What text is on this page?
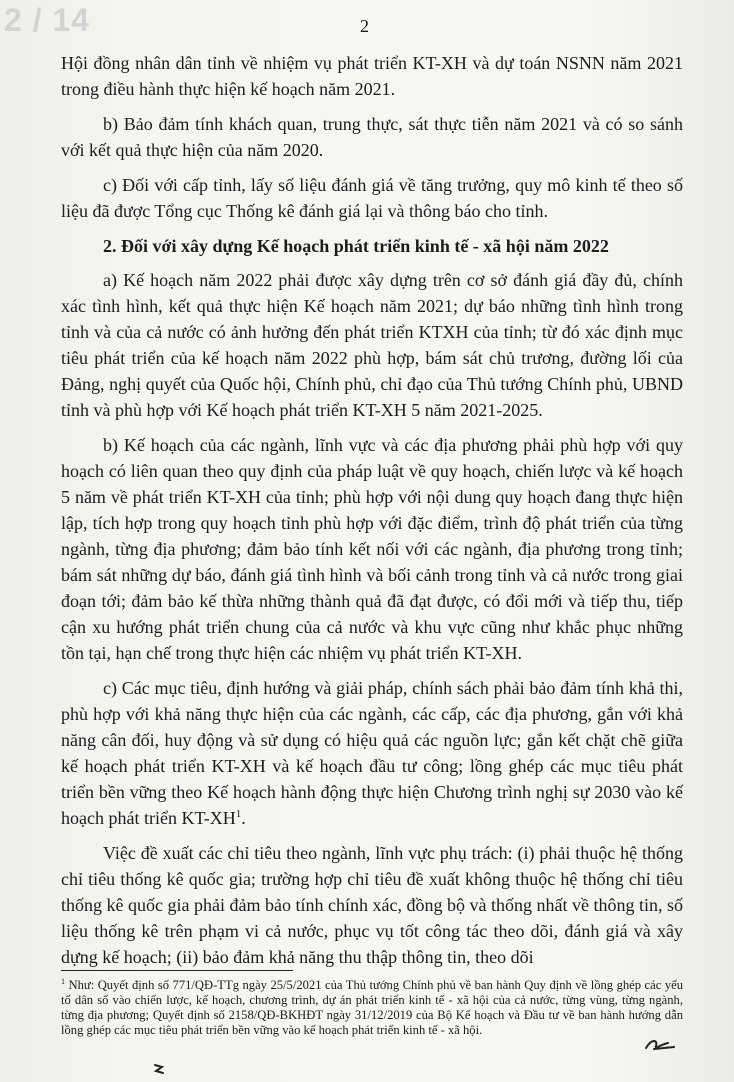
2 / 14	2

Hội đồng nhân dân tỉnh về nhiệm vụ phát triển KT-XH và dự toán NSNN năm 2021 trong điều hành thực hiện kế hoạch năm 2021.

b) Bảo đảm tính khách quan, trung thực, sát thực tiễn năm 2021 và có so sánh với kết quả thực hiện của năm 2020.

c) Đối với cấp tỉnh, lấy số liệu đánh giá về tăng trưởng, quy mô kinh tế theo số liệu đã được Tổng cục Thống kê đánh giá lại và thông báo cho tỉnh.

2. Đối với xây dựng Kế hoạch phát triển kinh tế - xã hội năm 2022

a) Kế hoạch năm 2022 phải được xây dựng trên cơ sở đánh giá đầy đủ, chính xác tình hình, kết quả thực hiện Kế hoạch năm 2021; dự báo những tình hình trong tỉnh và của cả nước có ảnh hưởng đến phát triển KTXH của tỉnh; từ đó xác định mục tiêu phát triển của kế hoạch năm 2022 phù hợp, bám sát chủ trương, đường lối của Đảng, nghị quyết của Quốc hội, Chính phủ, chỉ đạo của Thủ tướng Chính phủ, UBND tỉnh và phù hợp với Kế hoạch phát triển KT-XH 5 năm 2021-2025.

b) Kế hoạch của các ngành, lĩnh vực và các địa phương phải phù hợp với quy hoạch có liên quan theo quy định của pháp luật về quy hoạch, chiến lược và kế hoạch 5 năm về phát triển KT-XH của tỉnh; phù hợp với nội dung quy hoạch đang thực hiện lập, tích hợp trong quy hoạch tỉnh phù hợp với đặc điểm, trình độ phát triển của từng ngành, từng địa phương; đảm bảo tính kết nối với các ngành, địa phương trong tỉnh; bám sát những dự báo, đánh giá tình hình và bối cảnh trong tỉnh và cả nước trong giai đoạn tới; đảm bảo kế thừa những thành quả đã đạt được, có đổi mới và tiếp thu, tiếp cận xu hướng phát triển chung của cả nước và khu vực cũng như khắc phục những tồn tại, hạn chế trong thực hiện các nhiệm vụ phát triển KT-XH.

c) Các mục tiêu, định hướng và giải pháp, chính sách phải bảo đảm tính khả thi, phù hợp với khả năng thực hiện của các ngành, các cấp, các địa phương, gắn với khả năng cân đối, huy động và sử dụng có hiệu quả các nguồn lực; gắn kết chặt chẽ giữa kế hoạch phát triển KT-XH và kế hoạch đầu tư công; lồng ghép các mục tiêu phát triển bền vững theo Kế hoạch hành động thực hiện Chương trình nghị sự 2030 vào kế hoạch phát triển $KT-XH^1$.

Việc đề xuất các chỉ tiêu theo ngành, lĩnh vực phụ trách: (i) phải thuộc hệ thống chỉ tiêu thống kê quốc gia; trường hợp chỉ tiêu đề xuất không thuộc hệ thống chỉ tiêu thống kê quốc gia phải đảm bảo tính chính xác, đồng bộ và thống nhất về thông tin, số liệu thống kê trên phạm vi cả nước, phục vụ tốt công tác theo dõi, đánh giá và xây dựng kế hoạch; (ii) bảo đảm khả năng thu thập thông tin, theo dõi

$^1$ Như: Quyết định số 771/QĐ-TTg ngày 25/5/2021 của Thủ tướng Chính phủ về ban hành Quy định về lồng ghép các yếu tố dân số vào chiến lược, kế hoạch, chương trình, dự án phát triển kinh tế - xã hội của cả nước, từng vùng, từng ngành, từng địa phương; Quyết định số 2158/QĐ-BKHĐT ngày 31/12/2019 của Bộ Kế hoạch và Đầu tư về ban hành hướng dẫn lồng ghép các mục tiêu phát triển bền vững vào kế hoạch phát triển kinh tế - xã hội.
